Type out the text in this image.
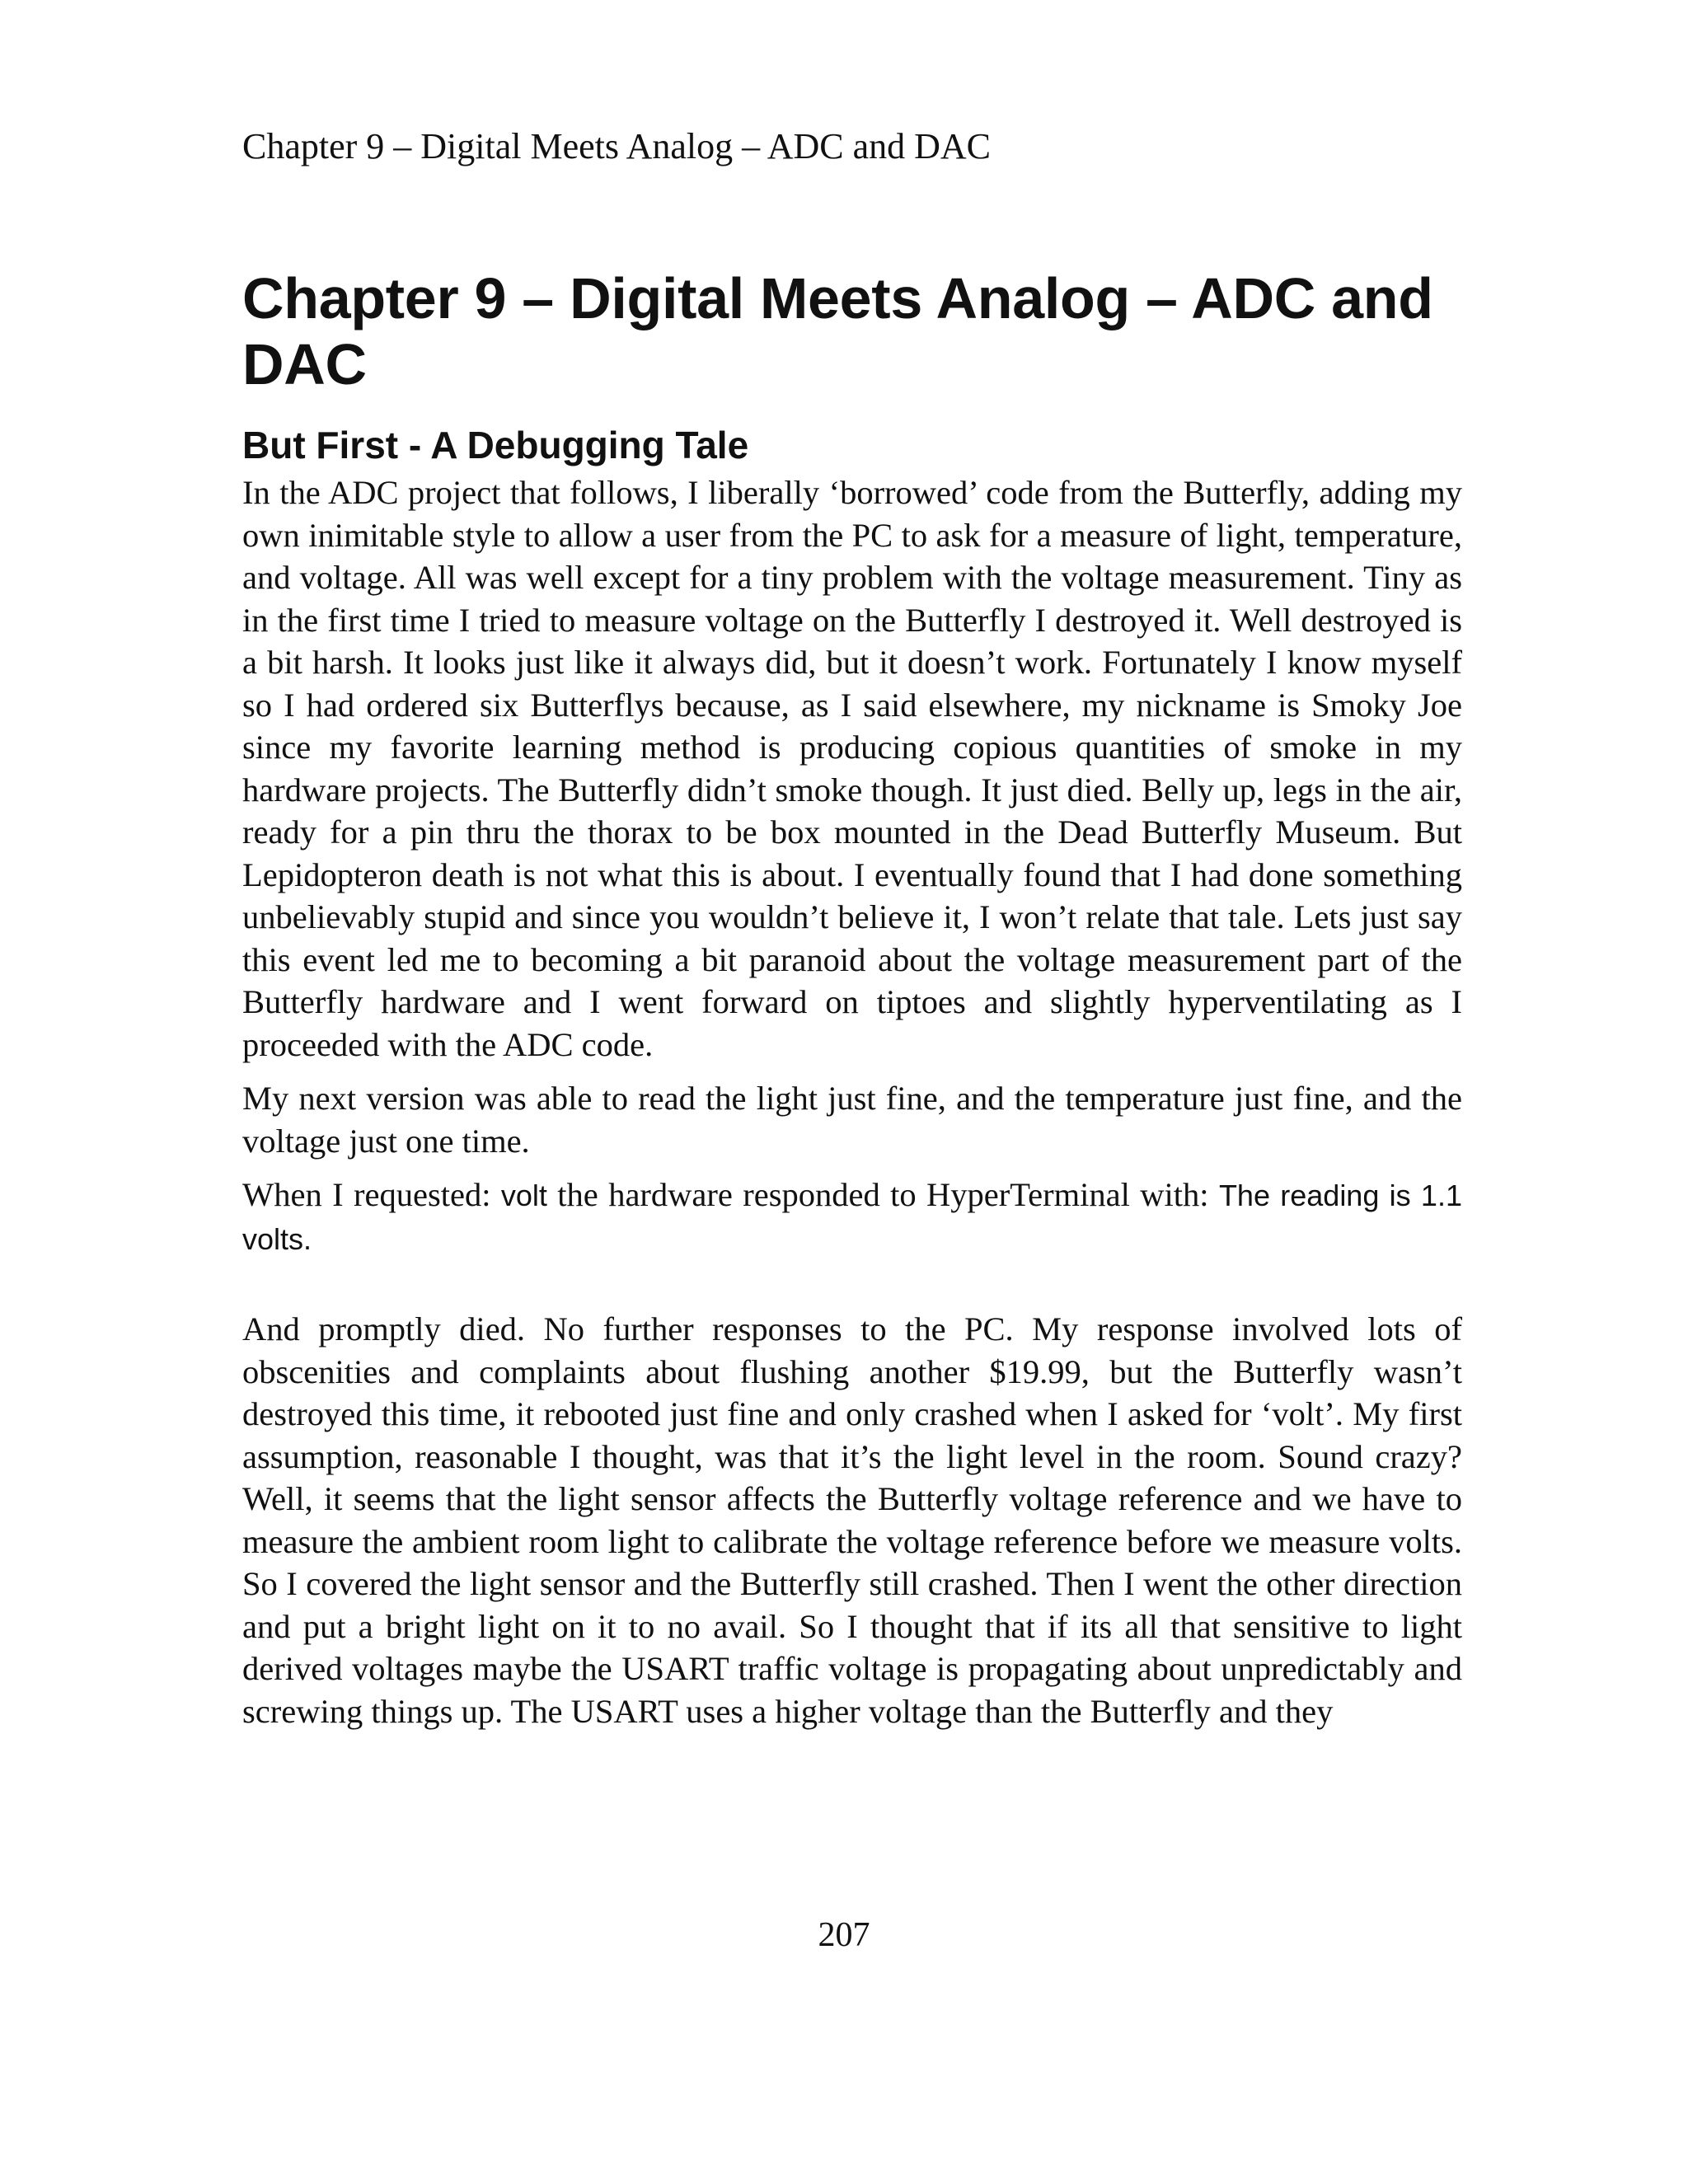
Chapter 9 – Digital Meets Analog – ADC and DAC
Chapter 9 – Digital Meets Analog – ADC and DAC
But First - A Debugging Tale

In the ADC project that follows, I liberally ‘borrowed’ code from the Butterfly, adding my own inimitable style to allow a user from the PC to ask for a measure of light, temperature, and voltage. All was well except for a tiny problem with the voltage measurement. Tiny as in the first time I tried to measure voltage on the Butterfly I destroyed it. Well destroyed is a bit harsh. It looks just like it always did, but it doesn’t work. Fortunately I know myself so I had ordered six Butterflys because, as I said elsewhere, my nickname is Smoky Joe since my favorite learning method is producing copious quantities of smoke in my hardware projects. The Butterfly didn’t smoke though. It just died. Belly up, legs in the air, ready for a pin thru the thorax to be box mounted in the Dead Butterfly Museum. But Lepidopteron death is not what this is about. I eventually found that I had done something unbelievably stupid and since you wouldn’t believe it, I won’t relate that tale. Lets just say this event led me to becoming a bit paranoid about the voltage measurement part of the Butterfly hardware and I went forward on tiptoes and slightly hyperventilating as I proceeded with the ADC code.

My next version was able to read the light just fine, and the temperature just fine, and the voltage just one time.

When I requested: volt the hardware responded to HyperTerminal with: The reading is 1.1 volts.

And promptly died. No further responses to the PC. My response involved lots of obscenities and complaints about flushing another $19.99, but the Butterfly wasn’t destroyed this time, it rebooted just fine and only crashed when I asked for ‘volt’. My first assumption, reasonable I thought, was that it’s the light level in the room. Sound crazy? Well, it seems that the light sensor affects the Butterfly voltage reference and we have to measure the ambient room light to calibrate the voltage reference before we measure volts. So I covered the light sensor and the Butterfly still crashed. Then I went the other direction and put a bright light on it to no avail. So I thought that if its all that sensitive to light derived voltages maybe the USART traffic voltage is propagating about unpredictably and screwing things up. The USART uses a higher voltage than the Butterfly and they

207
